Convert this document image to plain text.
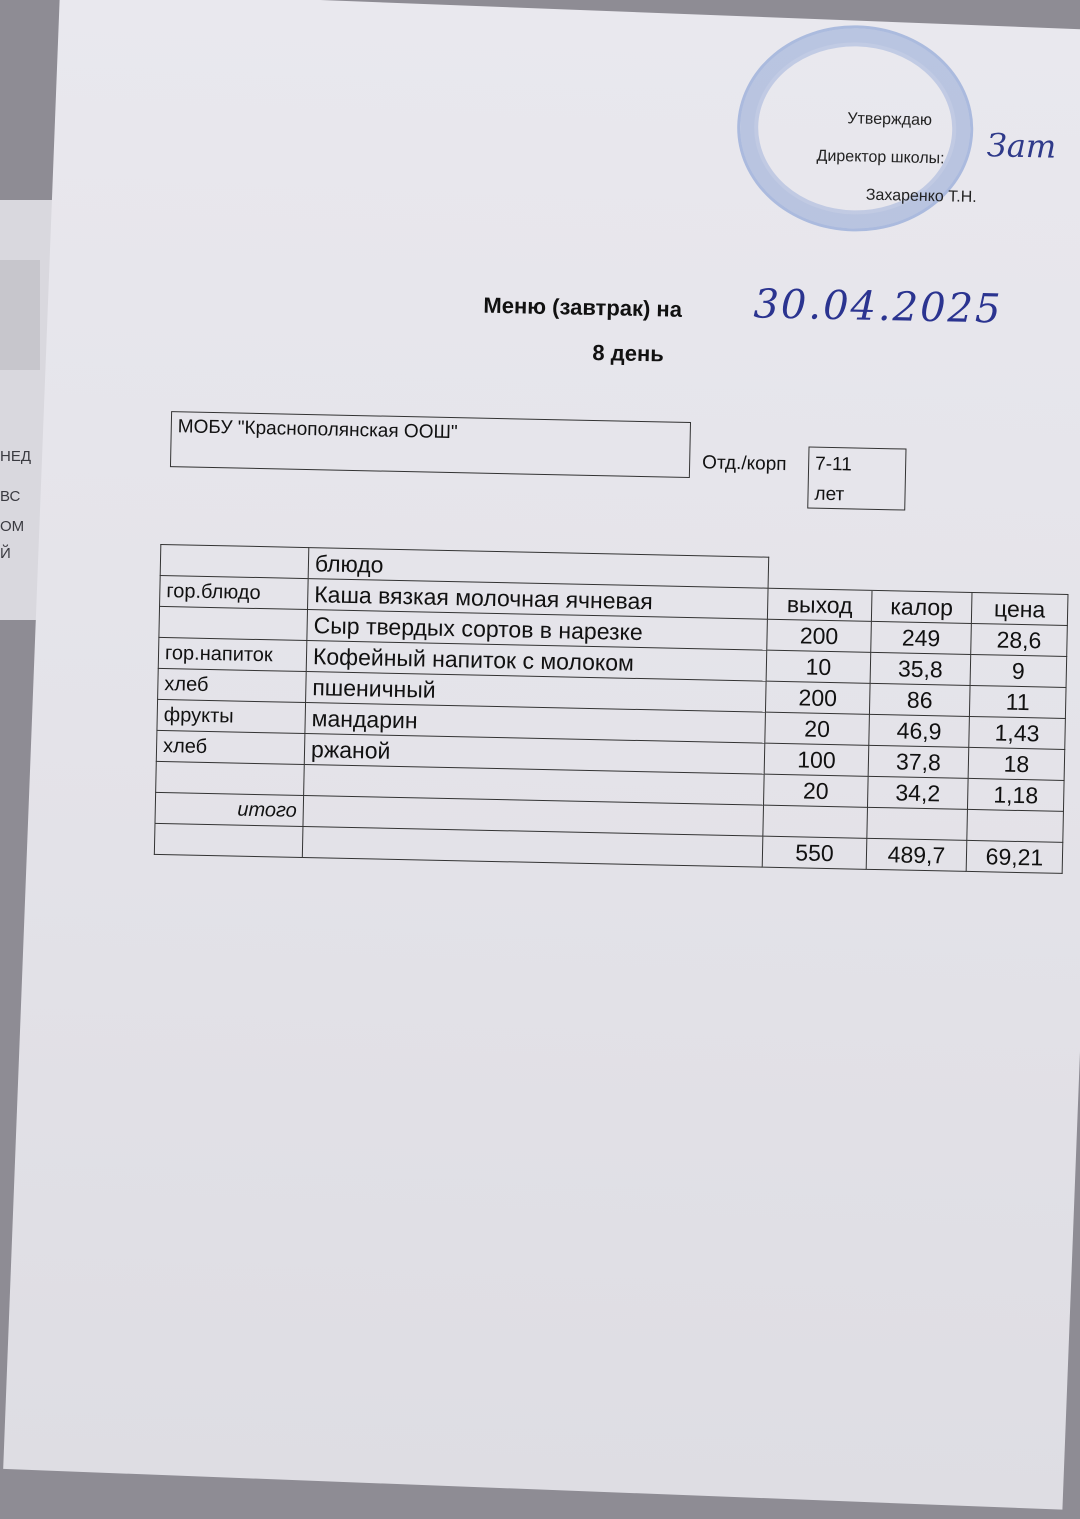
НЕД
ВС
ОМ
Й
Утверждаю
Директор школы:
Захаренко Т.Н.
Зат
Меню (завтрак) на 30.04.2025
8 день
МОБУ "Краснополянская ООШ"
Отд./корп	7-11
лет
	блюдо			
гор.блюдо	Каша вязкая молочная ячневая	выход	калор	цена
	Сыр твердых сортов в нарезке	200	249	28,6
гор.напиток	Кофейный напиток с молоком	10	35,8	9
хлеб	пшеничный	200	86	11
фрукты	мандарин	20	46,9	1,43
хлеб	ржаной	100	37,8	18
		20	34,2	1,18
итого				
		550	489,7	69,21
